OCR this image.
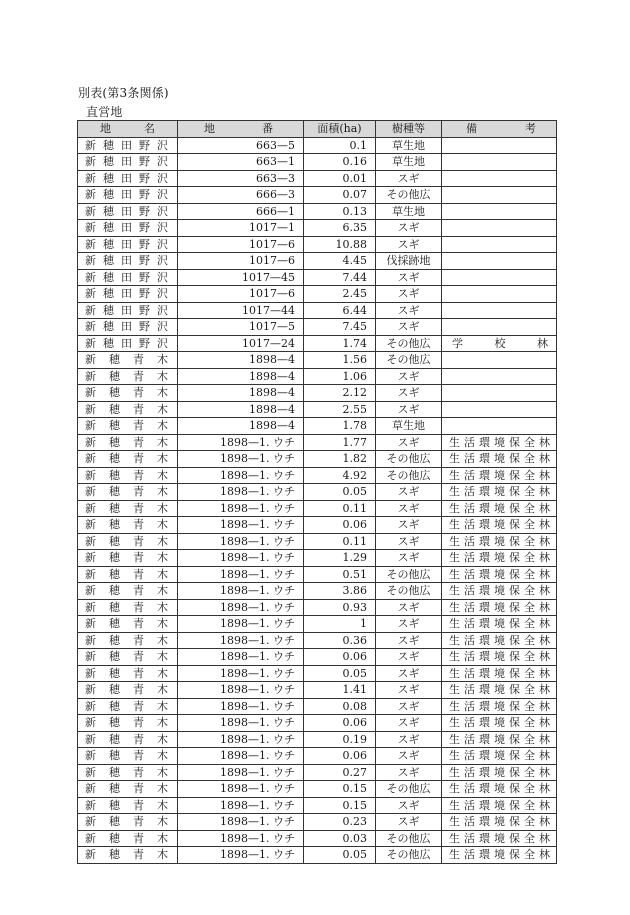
別表(第3条関係)
直営地
地 名	地 番	面積(ha)	樹種等	備 考
新穂田野沢	663—5	0.1	草生地	
新穂田野沢	663—1	0.16	草生地	
新穂田野沢	663—3	0.01	スギ	
新穂田野沢	666—3	0.07	その他広	
新穂田野沢	666—1	0.13	草生地	
新穂田野沢	1017—1	6.35	スギ	
新穂田野沢	1017—6	10.88	スギ	
新穂田野沢	1017—6	4.45	伐採跡地	
新穂田野沢	1017—45	7.44	スギ	
新穂田野沢	1017—6	2.45	スギ	
新穂田野沢	1017—44	6.44	スギ	
新穂田野沢	1017—5	7.45	スギ	
新穂田野沢	1017—24	1.74	その他広	学校林
新穂青木	1898—4	1.56	その他広	
新穂青木	1898—4	1.06	スギ	
新穂青木	1898—4	2.12	スギ	
新穂青木	1898—4	2.55	スギ	
新穂青木	1898—4	1.78	草生地	
新穂青木	1898—1. ウチ	1.77	スギ	生活環境保全林
新穂青木	1898—1. ウチ	1.82	その他広	生活環境保全林
新穂青木	1898—1. ウチ	4.92	その他広	生活環境保全林
新穂青木	1898—1. ウチ	0.05	スギ	生活環境保全林
新穂青木	1898—1. ウチ	0.11	スギ	生活環境保全林
新穂青木	1898—1. ウチ	0.06	スギ	生活環境保全林
新穂青木	1898—1. ウチ	0.11	スギ	生活環境保全林
新穂青木	1898—1. ウチ	1.29	スギ	生活環境保全林
新穂青木	1898—1. ウチ	0.51	その他広	生活環境保全林
新穂青木	1898—1. ウチ	3.86	その他広	生活環境保全林
新穂青木	1898—1. ウチ	0.93	スギ	生活環境保全林
新穂青木	1898—1. ウチ	1	スギ	生活環境保全林
新穂青木	1898—1. ウチ	0.36	スギ	生活環境保全林
新穂青木	1898—1. ウチ	0.06	スギ	生活環境保全林
新穂青木	1898—1. ウチ	0.05	スギ	生活環境保全林
新穂青木	1898—1. ウチ	1.41	スギ	生活環境保全林
新穂青木	1898—1. ウチ	0.08	スギ	生活環境保全林
新穂青木	1898—1. ウチ	0.06	スギ	生活環境保全林
新穂青木	1898—1. ウチ	0.19	スギ	生活環境保全林
新穂青木	1898—1. ウチ	0.06	スギ	生活環境保全林
新穂青木	1898—1. ウチ	0.27	スギ	生活環境保全林
新穂青木	1898—1. ウチ	0.15	その他広	生活環境保全林
新穂青木	1898—1. ウチ	0.15	スギ	生活環境保全林
新穂青木	1898—1. ウチ	0.23	スギ	生活環境保全林
新穂青木	1898—1. ウチ	0.03	その他広	生活環境保全林
新穂青木	1898—1. ウチ	0.05	その他広	生活環境保全林
